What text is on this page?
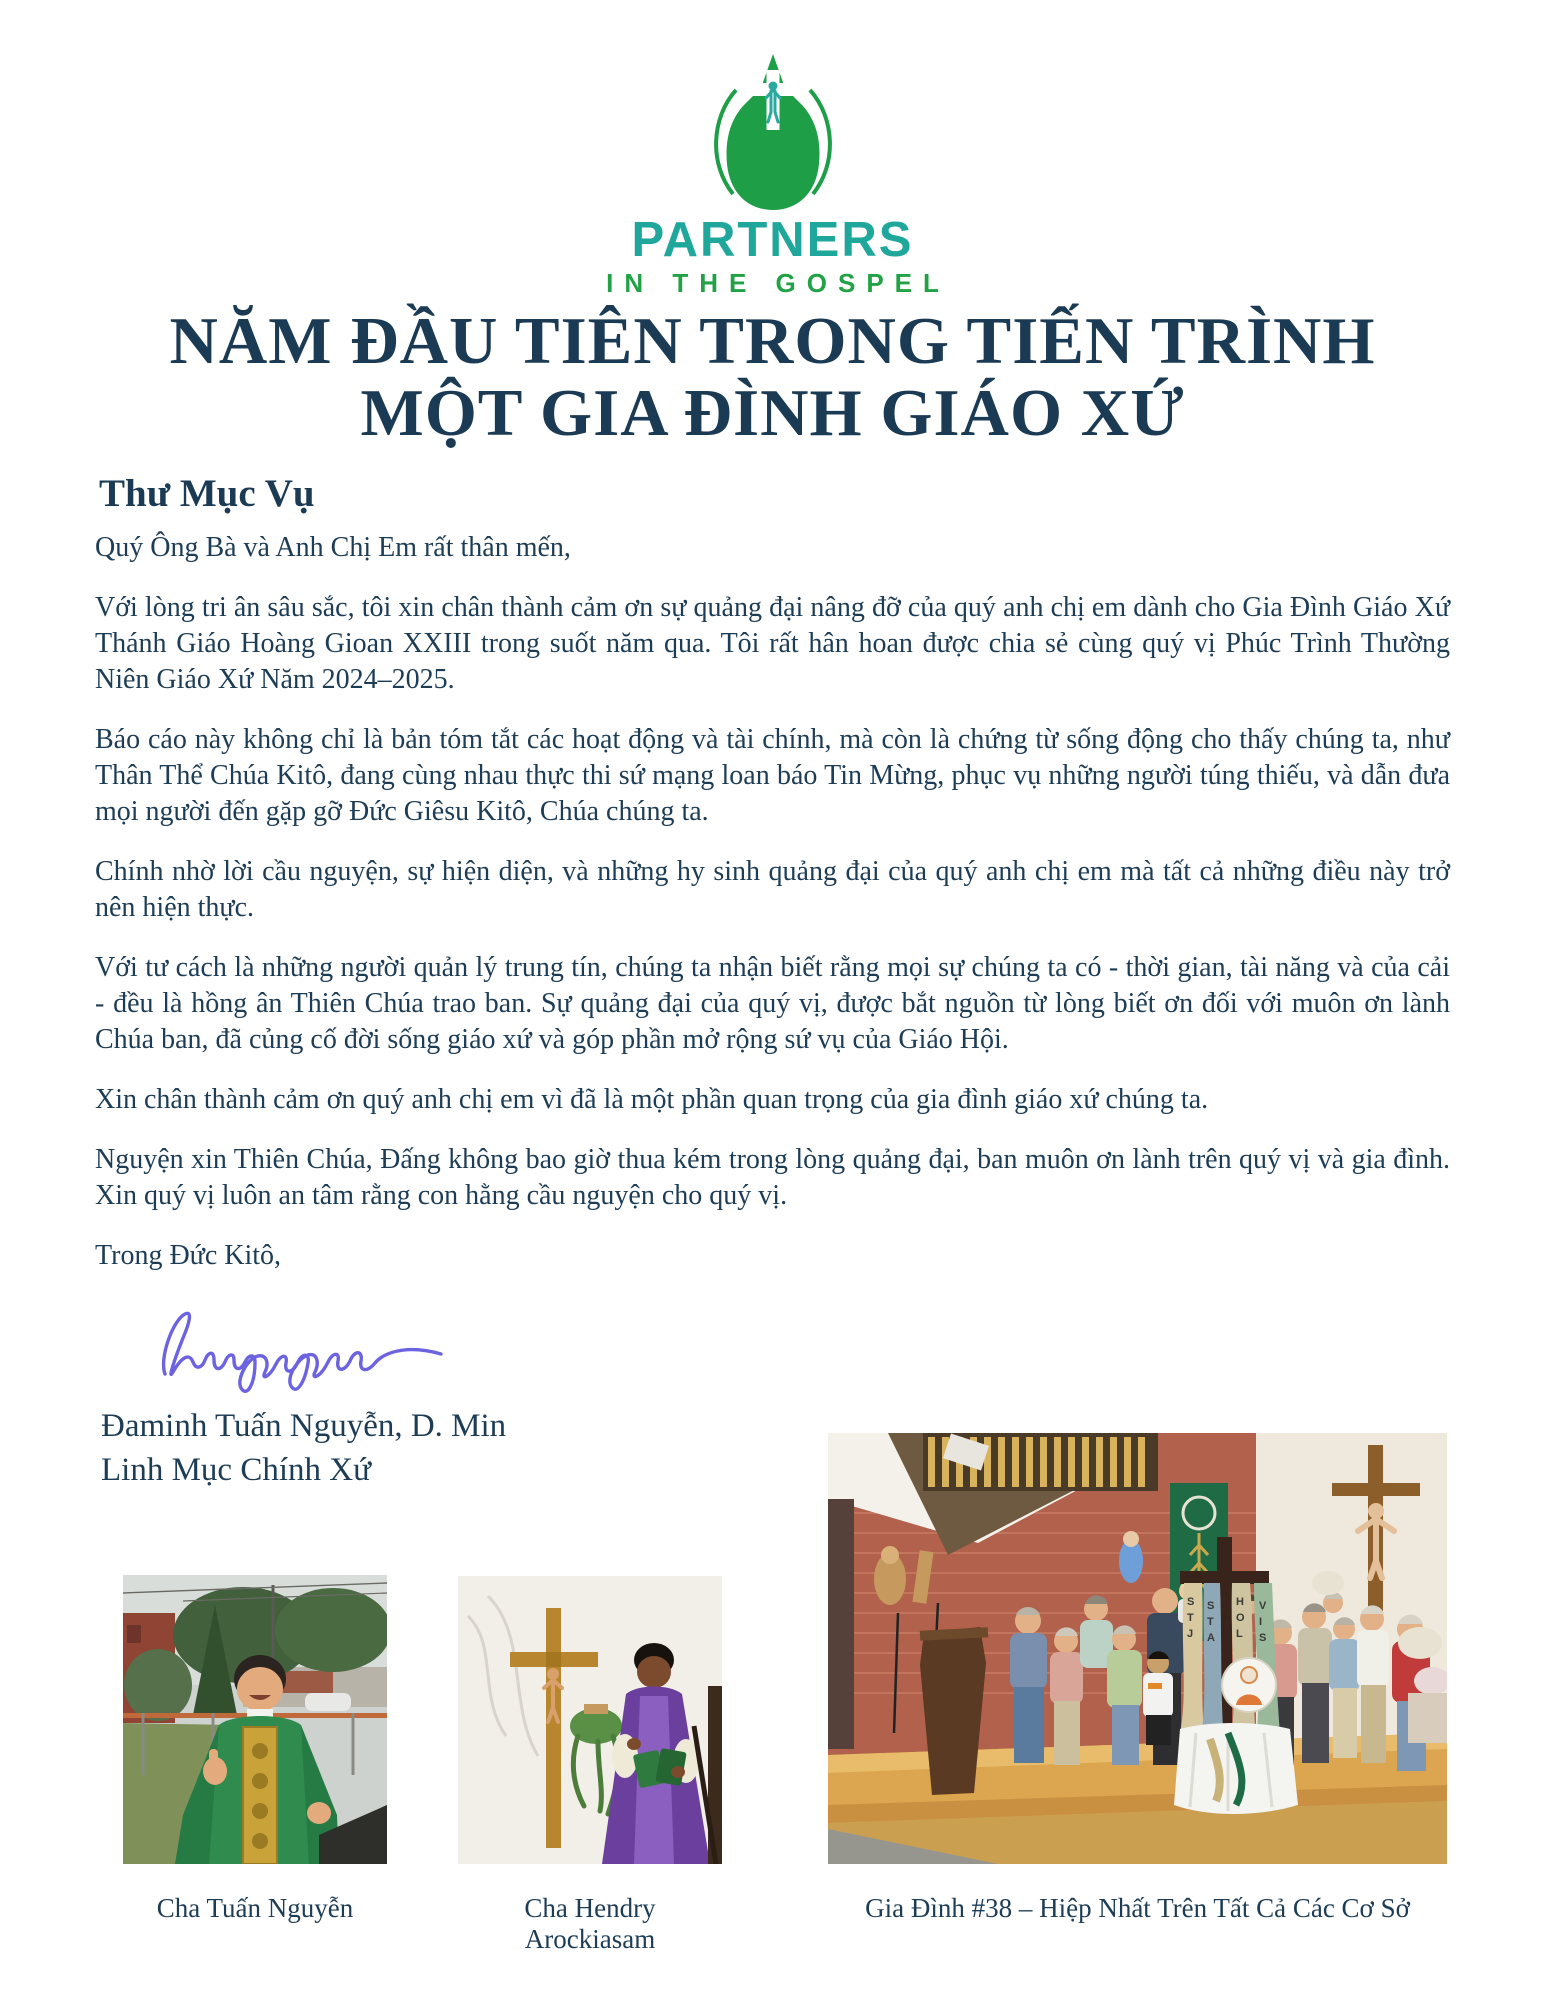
PARTNERS
IN THE GOSPEL
NĂM ĐẦU TIÊN TRONG TIẾN TRÌNH
MỘT GIA ĐÌNH GIÁO XỨ
Thư Mục Vụ

Quý Ông Bà và Anh Chị Em rất thân mến,

Với lòng tri ân sâu sắc, tôi xin chân thành cảm ơn sự quảng đại nâng đỡ của quý anh chị em dành cho Gia Đình Giáo Xứ Thánh Giáo Hoàng Gioan XXIII trong suốt năm qua. Tôi rất hân hoan được chia sẻ cùng quý vị Phúc Trình Thường Niên Giáo Xứ Năm 2024–2025.

Báo cáo này không chỉ là bản tóm tắt các hoạt động và tài chính, mà còn là chứng từ sống động cho thấy chúng ta, như Thân Thể Chúa Kitô, đang cùng nhau thực thi sứ mạng loan báo Tin Mừng, phục vụ những người túng thiếu, và dẫn đưa mọi người đến gặp gỡ Đức Giêsu Kitô, Chúa chúng ta.

Chính nhờ lời cầu nguyện, sự hiện diện, và những hy sinh quảng đại của quý anh chị em mà tất cả những điều này trở nên hiện thực.

Với tư cách là những người quản lý trung tín, chúng ta nhận biết rằng mọi sự chúng ta có - thời gian, tài năng và của cải - đều là hồng ân Thiên Chúa trao ban. Sự quảng đại của quý vị, được bắt nguồn từ lòng biết ơn đối với muôn ơn lành Chúa ban, đã củng cố đời sống giáo xứ và góp phần mở rộng sứ vụ của Giáo Hội.

Xin chân thành cảm ơn quý anh chị em vì đã là một phần quan trọng của gia đình giáo xứ chúng ta.

Nguyện xin Thiên Chúa, Đấng không bao giờ thua kém trong lòng quảng đại, ban muôn ơn lành trên quý vị và gia đình. Xin quý vị luôn an tâm rằng con hằng cầu nguyện cho quý vị.

Trong Đức Kitô,

Đaminh Tuấn Nguyễn, D. Min
Linh Mục Chính Xứ
S
T
J
S
T
A
H
O
L
V
I
S
Cha Tuấn Nguyễn	Cha Hendry Arockiasam
Gia Đình #38 – Hiệp Nhất Trên Tất Cả Các Cơ Sở
